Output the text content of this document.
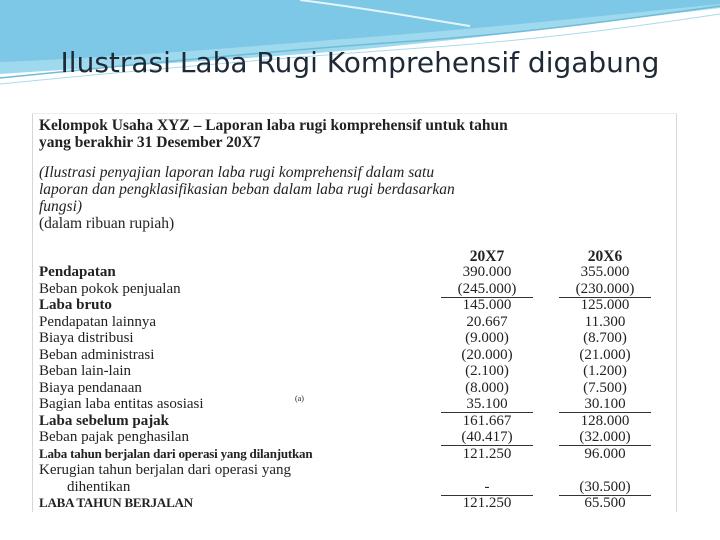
Ilustrasi Laba Rugi Komprehensif digabung
Kelompok Usaha XYZ – Laporan laba rugi komprehensif untuk tahun
yang berakhir 31 Desember 20X7
(Ilustrasi penyajian laporan laba rugi komprehensif dalam satu
laporan dan pengklasifikasian beban dalam laba rugi berdasarkan
fungsi)
(dalam ribuan rupiah)
20X7	20X6
Pendapatan	390.000	355.000
Beban pokok penjualan	(245.000)	(230.000)
Laba bruto	145.000	125.000
Pendapatan lainnya	20.667	11.300
Biaya distribusi	(9.000)	(8.700)
Beban administrasi	(20.000)	(21.000)
Beban lain-lain	(2.100)	(1.200)
Biaya pendanaan	(8.000)	(7.500)
Bagian laba entitas asosiasi	(a)	35.100	30.100
Laba sebelum pajak	161.667	128.000
Beban pajak penghasilan	(40.417)	(32.000)
Laba tahun berjalan dari operasi yang dilanjutkan	121.250	96.000
Kerugian tahun berjalan dari operasi yang
dihentikan	-	(30.500)
LABA TAHUN BERJALAN	121.250	65.500
